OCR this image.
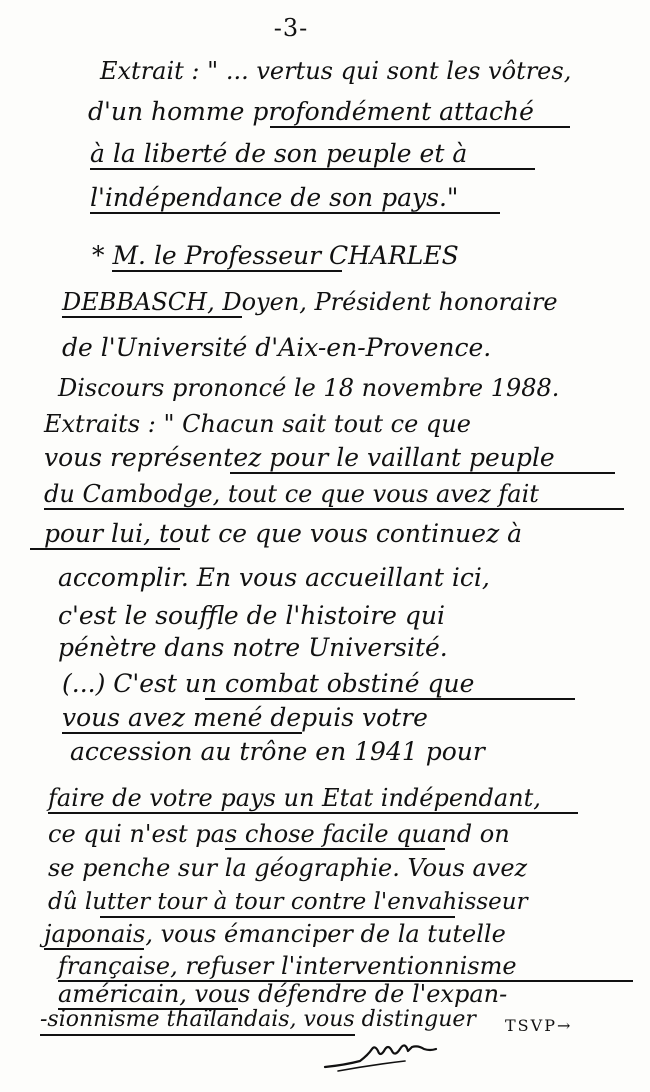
-3-
Extrait : " ... vertus qui sont les vôtres,
d'un homme profondément attaché
à la liberté de son peuple et à
l'indépendance de son pays."
* M. le Professeur CHARLES
DEBBASCH, Doyen, Président honoraire
de l'Université d'Aix-en-Provence.
Discours prononcé le 18 novembre 1988.
Extraits : " Chacun sait tout ce que
vous représentez pour le vaillant peuple
du Cambodge, tout ce que vous avez fait
pour lui, tout ce que vous continuez à
accomplir. En vous accueillant ici,
c'est le souffle de l'histoire qui
pénètre dans notre Université.
(...) C'est un combat obstiné que
vous avez mené depuis votre
accession au trône en 1941 pour
faire de votre pays un Etat indépendant,
ce qui n'est pas chose facile quand on
se penche sur la géographie. Vous avez
dû lutter tour à tour contre l'envahisseur
japonais, vous émanciper de la tutelle
française, refuser l'interventionnisme
américain, vous défendre de l'expan-
-sionnisme thaïlandais, vous distinguer TSVP→
